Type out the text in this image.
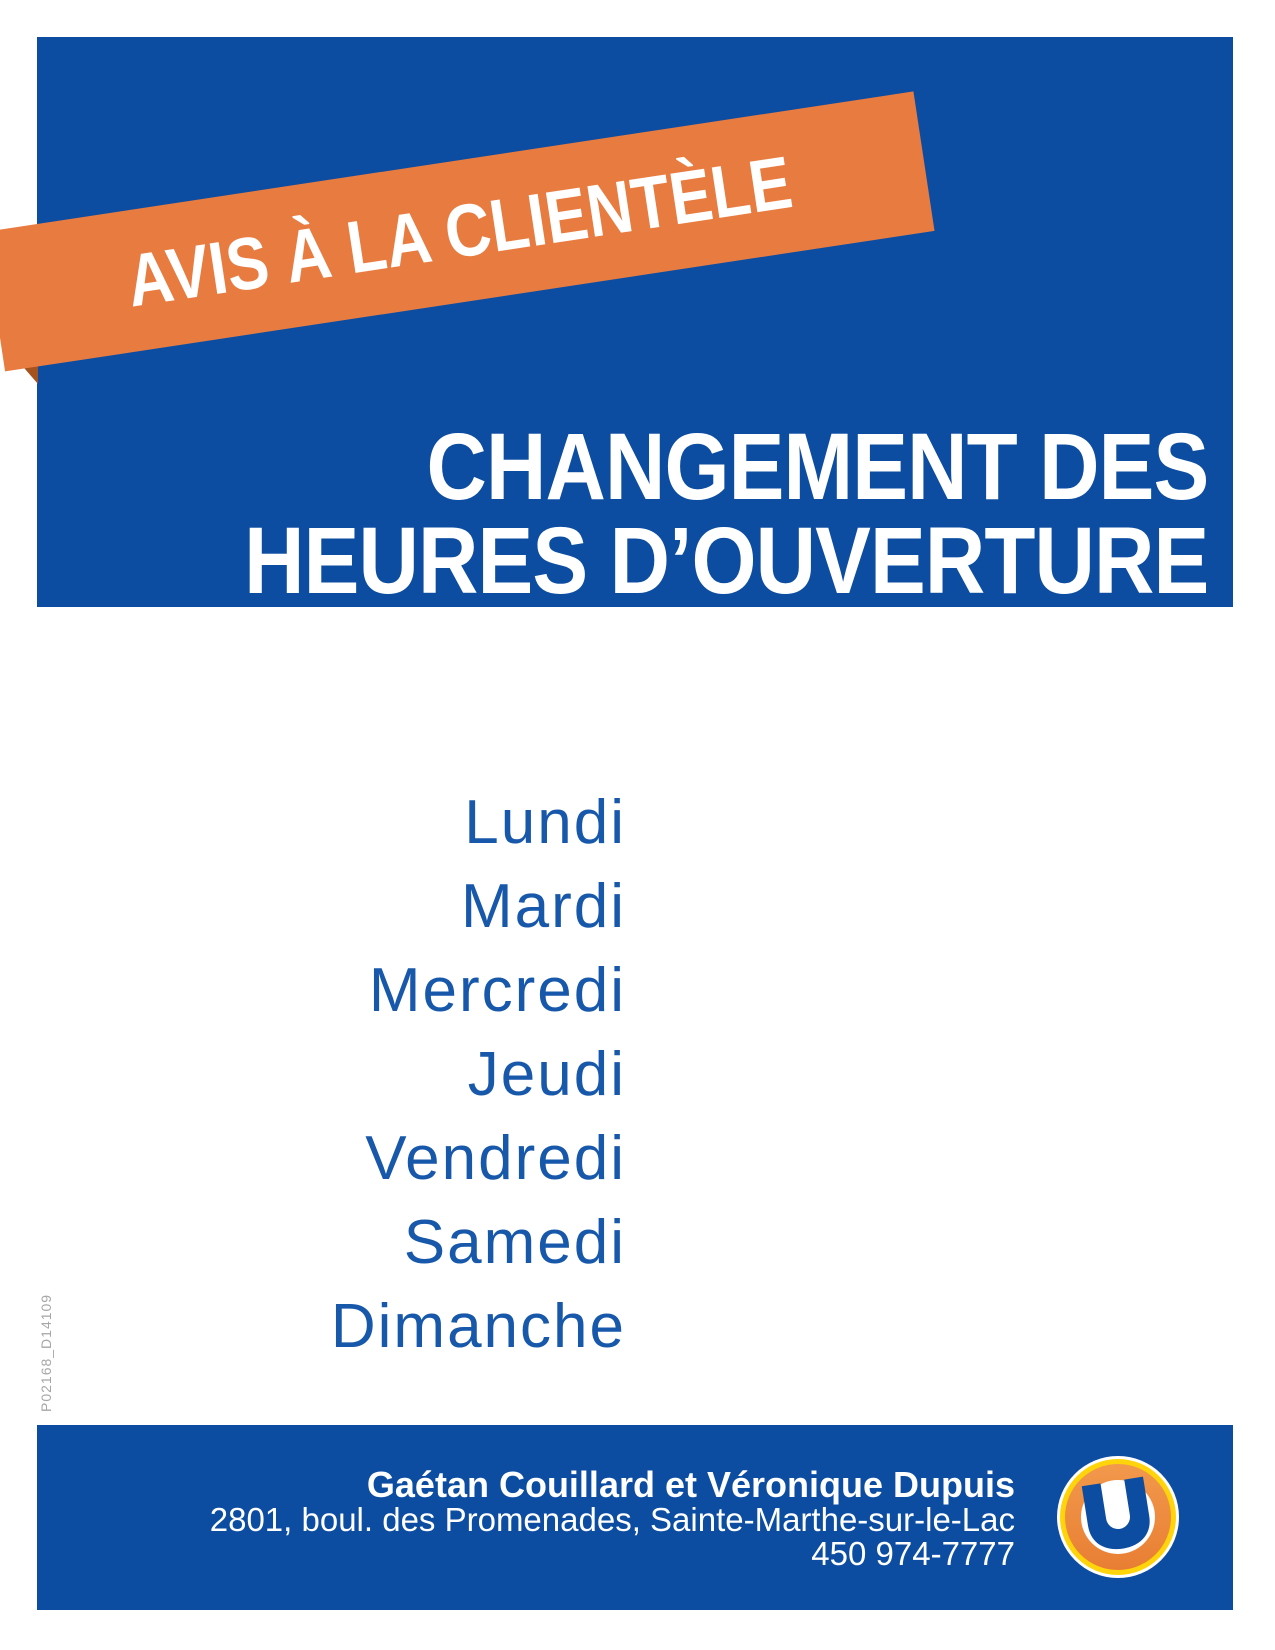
CHANGEMENT DES
HEURES D’OUVERTURE
AVIS À LA CLIENTÈLE
Lundi
Mardi
Mercredi
Jeudi
Vendredi
Samedi
Dimanche
P02168_D14109
Gaétan Couillard et Véronique Dupuis
2801, boul. des Promenades, Sainte-Marthe-sur-le-Lac
450 974-7777
